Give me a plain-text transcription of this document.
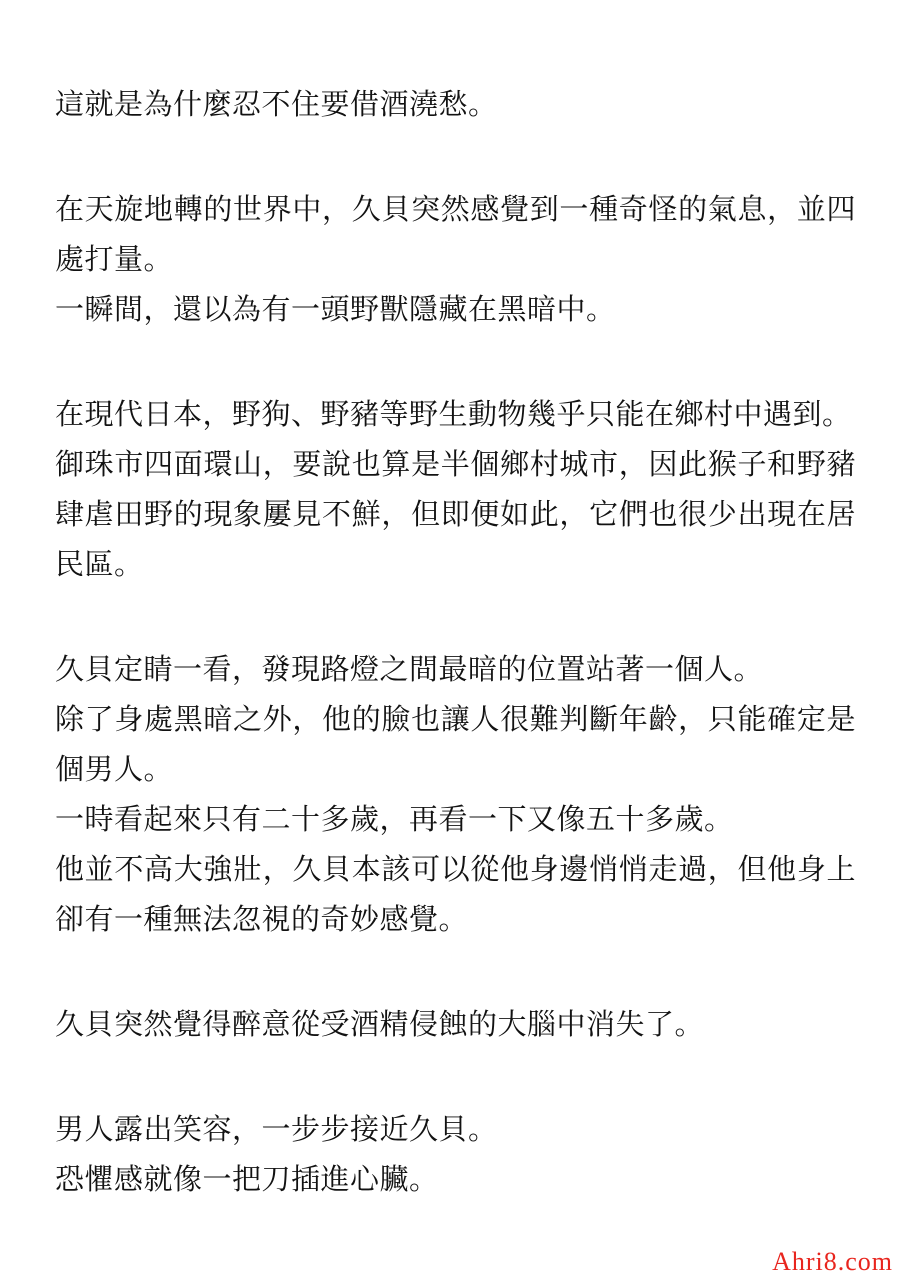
這就是為什麼忍不住要借酒澆愁。
在天旋地轉的世界中，久貝突然感覺到一種奇怪的氣息，並四處打量。
一瞬間，還以為有一頭野獸隱藏在黑暗中。
在現代日本，野狗、野豬等野生動物幾乎只能在鄉村中遇到。
御珠市四面環山，要說也算是半個鄉村城市，因此猴子和野豬肆虐田野的現象屢見不鮮，但即便如此，它們也很少出現在居民區。
久貝定睛一看，發現路燈之間最暗的位置站著一個人。
除了身處黑暗之外，他的臉也讓人很難判斷年齡，只能確定是個男人。
一時看起來只有二十多歲，再看一下又像五十多歲。
他並不高大強壯，久貝本該可以從他身邊悄悄走過，但他身上卻有一種無法忽視的奇妙感覺。
久貝突然覺得醉意從受酒精侵蝕的大腦中消失了。
男人露出笑容，一步步接近久貝。
恐懼感就像一把刀插進心臟。
Ahri8.com
